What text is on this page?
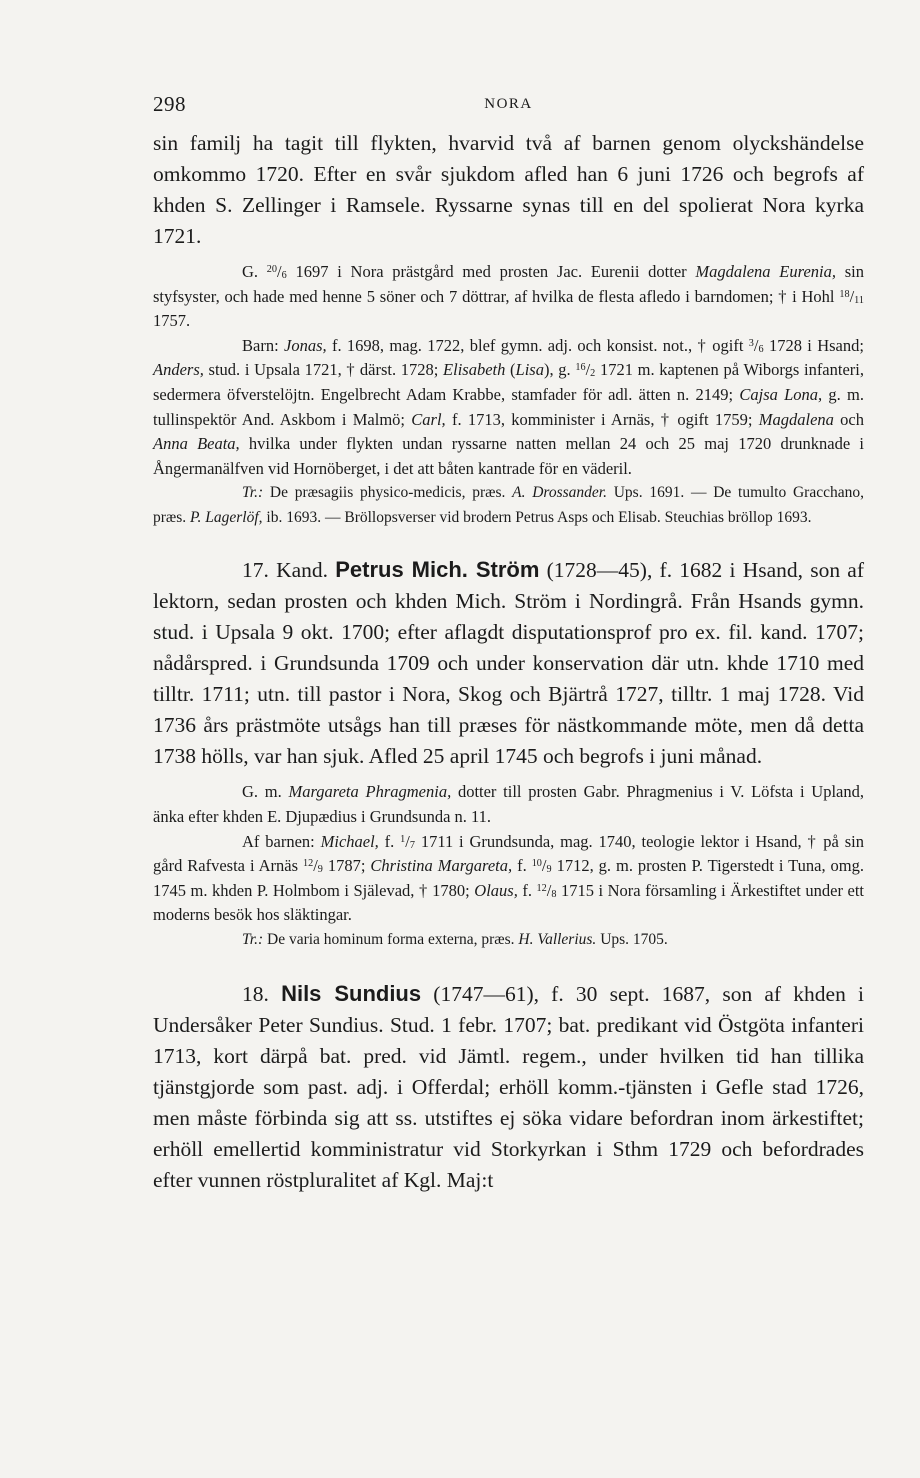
298	NORA

sin familj ha tagit till flykten, hvarvid två af barnen genom olyckshändelse omkommo 1720. Efter en svår sjukdom afled han 6 juni 1726 och begrofs af khden S. Zellinger i Ramsele. Ryssarne synas till en del spolierat Nora kyrka 1721.

G. $^{20}/_6$ 1697 i Nora prästgård med prosten Jac. Eurenii dotter Magdalena Eurenia, sin styfsyster, och hade med henne 5 söner och 7 döttrar, af hvilka de flesta afledo i barndomen; † i Hohl $^{18}/_{11}$ 1757.

Barn: Jonas, f. 1698, mag. 1722, blef gymn. adj. och konsist. not., † ogift $^3/_6$ 1728 i Hsand; Anders, stud. i Upsala 1721, † därst. 1728; Elisabeth (Lisa), g. $^{16}/_2$ 1721 m. kaptenen på Wiborgs infanteri, sedermera öfverstelöjtn. Engelbrecht Adam Krabbe, stamfader för adl. ätten n. 2149; Cajsa Lona, g. m. tullinspektör And. Askbom i Malmö; Carl, f. 1713, komminister i Arnäs, † ogift 1759; Magdalena och Anna Beata, hvilka under flykten undan ryssarne natten mellan 24 och 25 maj 1720 drunknade i Ångermanälfven vid Hornöberget, i det att båten kantrade för en väderil.

Tr.: De præsagiis physico-medicis, præs. A. Drossander. Ups. 1691. — De tumulto Gracchano, præs. P. Lagerlöf, ib. 1693. — Bröllopsverser vid brodern Petrus Asps och Elisab. Steuchias bröllop 1693.

17. Kand. Petrus Mich. Ström (1728—45), f. 1682 i Hsand, son af lektorn, sedan prosten och khden Mich. Ström i Nordingrå. Från Hsands gymn. stud. i Upsala 9 okt. 1700; efter aflagdt disputationsprof pro ex. fil. kand. 1707; nådårspred. i Grundsunda 1709 och under konservation där utn. khde 1710 med tilltr. 1711; utn. till pastor i Nora, Skog och Bjärtrå 1727, tilltr. 1 maj 1728. Vid 1736 års prästmöte utsågs han till præses för nästkommande möte, men då detta 1738 hölls, var han sjuk. Afled 25 april 1745 och begrofs i juni månad.

G. m. Margareta Phragmenia, dotter till prosten Gabr. Phragmenius i V. Löfsta i Upland, änka efter khden E. Djupædius i Grundsunda n. 11.

Af barnen: Michael, f. $^1/_7$ 1711 i Grundsunda, mag. 1740, teologie lektor i Hsand, † på sin gård Rafvesta i Arnäs $^{12}/_9$ 1787; Christina Margareta, f. $^{10}/_9$ 1712, g. m. prosten P. Tigerstedt i Tuna, omg. 1745 m. khden P. Holmbom i Själevad, † 1780; Olaus, f. $^{12}/_8$ 1715 i Nora församling i Ärkestiftet under ett moderns besök hos släktingar.

Tr.: De varia hominum forma externa, præs. H. Vallerius. Ups. 1705.

18. Nils Sundius (1747—61), f. 30 sept. 1687, son af khden i Undersåker Peter Sundius. Stud. 1 febr. 1707; bat. predikant vid Östgöta infanteri 1713, kort därpå bat. pred. vid Jämtl. regem., under hvilken tid han tillika tjänstgjorde som past. adj. i Offerdal; erhöll komm.-tjänsten i Gefle stad 1726, men måste förbinda sig att ss. utstiftes ej söka vidare befordran inom ärkestiftet; erhöll emellertid komministratur vid Storkyrkan i Sthm 1729 och befordrades efter vunnen röstpluralitet af Kgl. Maj:t
